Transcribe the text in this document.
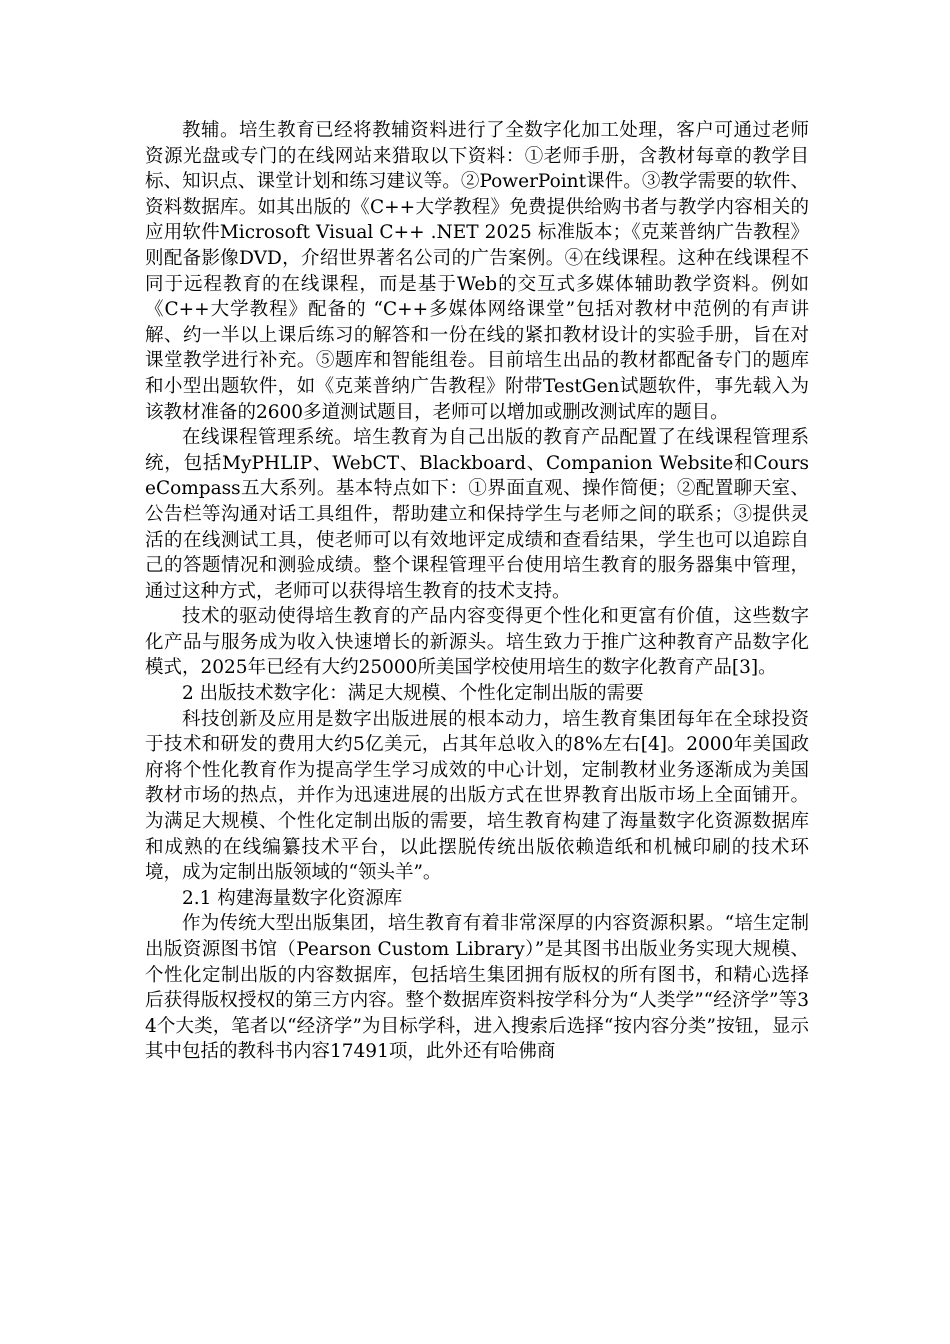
教辅。培生教育已经将教辅资料进行了全数字化加工处理，客户可通过老师资源光盘或专门的在线网站来猎取以下资料：①老师手册，含教材每章的教学目标、知识点、课堂计划和练习建议等。②PowerPoint课件。③教学需要的软件、资料数据库。如其出版的《C++大学教程》免费提供给购书者与教学内容相关的应用软件Microsoft Visual C++ .NET 2025 标准版本；《克莱普纳广告教程》则配备影像DVD，介绍世界著名公司的广告案例。④在线课程。这种在线课程不同于远程教育的在线课程，而是基于Web的交互式多媒体辅助教学资料。例如《C++大学教程》配备的 “C++多媒体网络课堂”包括对教材中范例的有声讲解、约一半以上课后练习的解答和一份在线的紧扣教材设计的实验手册，旨在对课堂教学进行补充。⑤题库和智能组卷。目前培生出品的教材都配备专门的题库和小型出题软件，如《克莱普纳广告教程》附带TestGen试题软件，事先载入为该教材准备的2600多道测试题目，老师可以增加或删改测试库的题目。

在线课程管理系统。培生教育为自己出版的教育产品配置了在线课程管理系统，包括MyPHLIP、WebCT、Blackboard、Companion Website和CourseCompass五大系列。基本特点如下：①界面直观、操作简便；②配置聊天室、公告栏等沟通对话工具组件，帮助建立和保持学生与老师之间的联系；③提供灵活的在线测试工具，使老师可以有效地评定成绩和查看结果，学生也可以追踪自己的答题情况和测验成绩。整个课程管理平台使用培生教育的服务器集中管理，通过这种方式，老师可以获得培生教育的技术支持。

技术的驱动使得培生教育的产品内容变得更个性化和更富有价值，这些数字化产品与服务成为收入快速增长的新源头。培生致力于推广这种教育产品数字化模式，2025年已经有大约25000所美国学校使用培生的数字化教育产品[3]。

2 出版技术数字化：满足大规模、个性化定制出版的需要

科技创新及应用是数字出版进展的根本动力，培生教育集团每年在全球投资于技术和研发的费用大约5亿美元，占其年总收入的8%左右[4]。2000年美国政府将个性化教育作为提高学生学习成效的中心计划，定制教材业务逐渐成为美国教材市场的热点，并作为迅速进展的出版方式在世界教育出版市场上全面铺开。为满足大规模、个性化定制出版的需要，培生教育构建了海量数字化资源数据库和成熟的在线编纂技术平台，以此摆脱传统出版依赖造纸和机械印刷的技术环境，成为定制出版领域的“领头羊”。

2.1 构建海量数字化资源库

作为传统大型出版集团，培生教育有着非常深厚的内容资源积累。“培生定制出版资源图书馆（Pearson Custom Library）”是其图书出版业务实现大规模、个性化定制出版的内容数据库，包括培生集团拥有版权的所有图书，和精心选择后获得版权授权的第三方内容。整个数据库资料按学科分为“人类学”“经济学”等34个大类，笔者以“经济学”为目标学科，进入搜索后选择“按内容分类”按钮，显示其中包括的教科书内容17491项，此外还有哈佛商
